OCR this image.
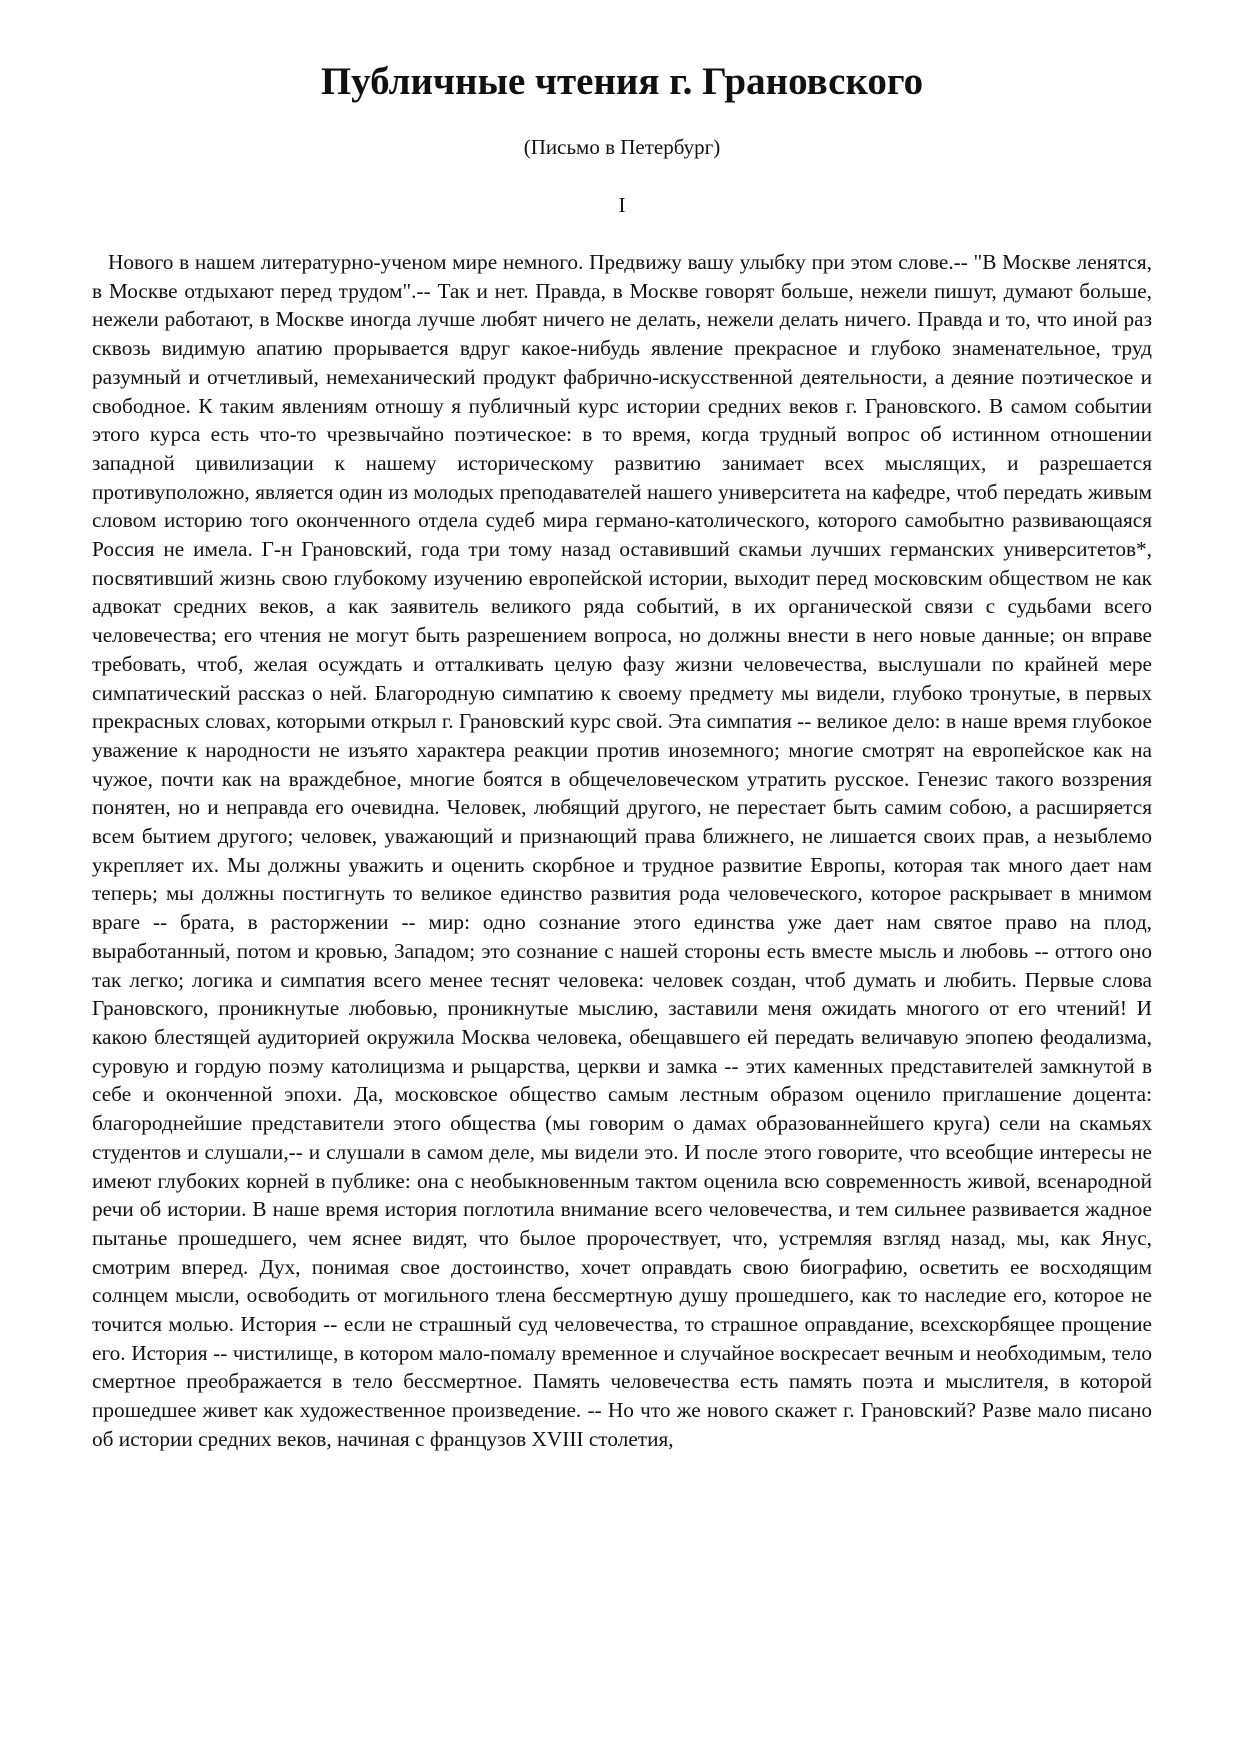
Публичные чтения г. Грановского
(Письмо в Петербург)
I

Нового в нашем литературно-ученом мире немного. Предвижу вашу улыбку при этом слове.-- "В Москве ленятся, в Москве отдыхают перед трудом".-- Так и нет. Правда, в Москве говорят больше, нежели пишут, думают больше, нежели работают, в Москве иногда лучше любят ничего не делать, нежели делать ничего. Правда и то, что иной раз сквозь видимую апатию прорывается вдруг какое-нибудь явление прекрасное и глубоко знаменательное, труд разумный и отчетливый, немеханический продукт фабрично-искусственной деятельности, а деяние поэтическое и свободное. К таким явлениям отношу я публичный курс истории средних веков г. Грановского. В самом событии этого курса есть что-то чрезвычайно поэтическое: в то время, когда трудный вопрос об истинном отношении западной цивилизации к нашему историческому развитию занимает всех мыслящих, и разрешается противуположно, является один из молодых преподавателей нашего университета на кафедре, чтоб передать живым словом историю того оконченного отдела судеб мира германо-католического, которого самобытно развивающаяся Россия не имела. Г-н Грановский, года три тому назад оставивший скамьи лучших германских университетов*, посвятивший жизнь свою глубокому изучению европейской истории, выходит перед московским обществом не как адвокат средних веков, а как заявитель великого ряда событий, в их органической связи с судьбами всего человечества; его чтения не могут быть разрешением вопроса, но должны внести в него новые данные; он вправе требовать, чтоб, желая осуждать и отталкивать целую фазу жизни человечества, выслушали по крайней мере симпатический рассказ о ней. Благородную симпатию к своему предмету мы видели, глубоко тронутые, в первых прекрасных словах, которыми открыл г. Грановский курс свой. Эта симпатия -- великое дело: в наше время глубокое уважение к народности не изъято характера реакции против иноземного; многие смотрят на европейское как на чужое, почти как на враждебное, многие боятся в общечеловеческом утратить русское. Генезис такого воззрения понятен, но и неправда его очевидна. Человек, любящий другого, не перестает быть самим собою, а расширяется всем бытием другого; человек, уважающий и признающий права ближнего, не лишается своих прав, а незыблемо укрепляет их. Мы должны уважить и оценить скорбное и трудное развитие Европы, которая так много дает нам теперь; мы должны постигнуть то великое единство развития рода человеческого, которое раскрывает в мнимом враге -- брата, в расторжении -- мир: одно сознание этого единства уже дает нам святое право на плод, выработанный, потом и кровью, Западом; это сознание с нашей стороны есть вместе мысль и любовь -- оттого оно так легко; логика и симпатия всего менее теснят человека: человек создан, чтоб думать и любить. Первые слова Грановского, проникнутые любовью, проникнутые мыслию, заставили меня ожидать многого от его чтений! И какою блестящей аудиторией окружила Москва человека, обещавшего ей передать величавую эпопею феодализма, суровую и гордую поэму католицизма и рыцарства, церкви и замка -- этих каменных представителей замкнутой в себе и оконченной эпохи. Да, московское общество самым лестным образом оценило приглашение доцента: благороднейшие представители этого общества (мы говорим о дамах образованнейшего круга) сели на скамьях студентов и слушали,-- и слушали в самом деле, мы видели это. И после этого говорите, что всеобщие интересы не имеют глубоких корней в публике: она с необыкновенным тактом оценила всю современность живой, всенародной речи об истории. В наше время история поглотила внимание всего человечества, и тем сильнее развивается жадное пытанье прошедшего, чем яснее видят, что былое пророчествует, что, устремляя взгляд назад, мы, как Янус, смотрим вперед. Дух, понимая свое достоинство, хочет оправдать свою биографию, осветить ее восходящим солнцем мысли, освободить от могильного тлена бессмертную душу прошедшего, как то наследие его, которое не точится молью. История -- если не страшный суд человечества, то страшное оправдание, всехскорбящее прощение его. История -- чистилище, в котором мало-помалу временное и случайное воскресает вечным и необходимым, тело смертное преображается в тело бессмертное. Память человечества есть память поэта и мыслителя, в которой прошедшее живет как художественное произведение. -- Но что же нового скажет г. Грановский? Разве мало писано об истории средних веков, начиная с французов XVIII столетия,
